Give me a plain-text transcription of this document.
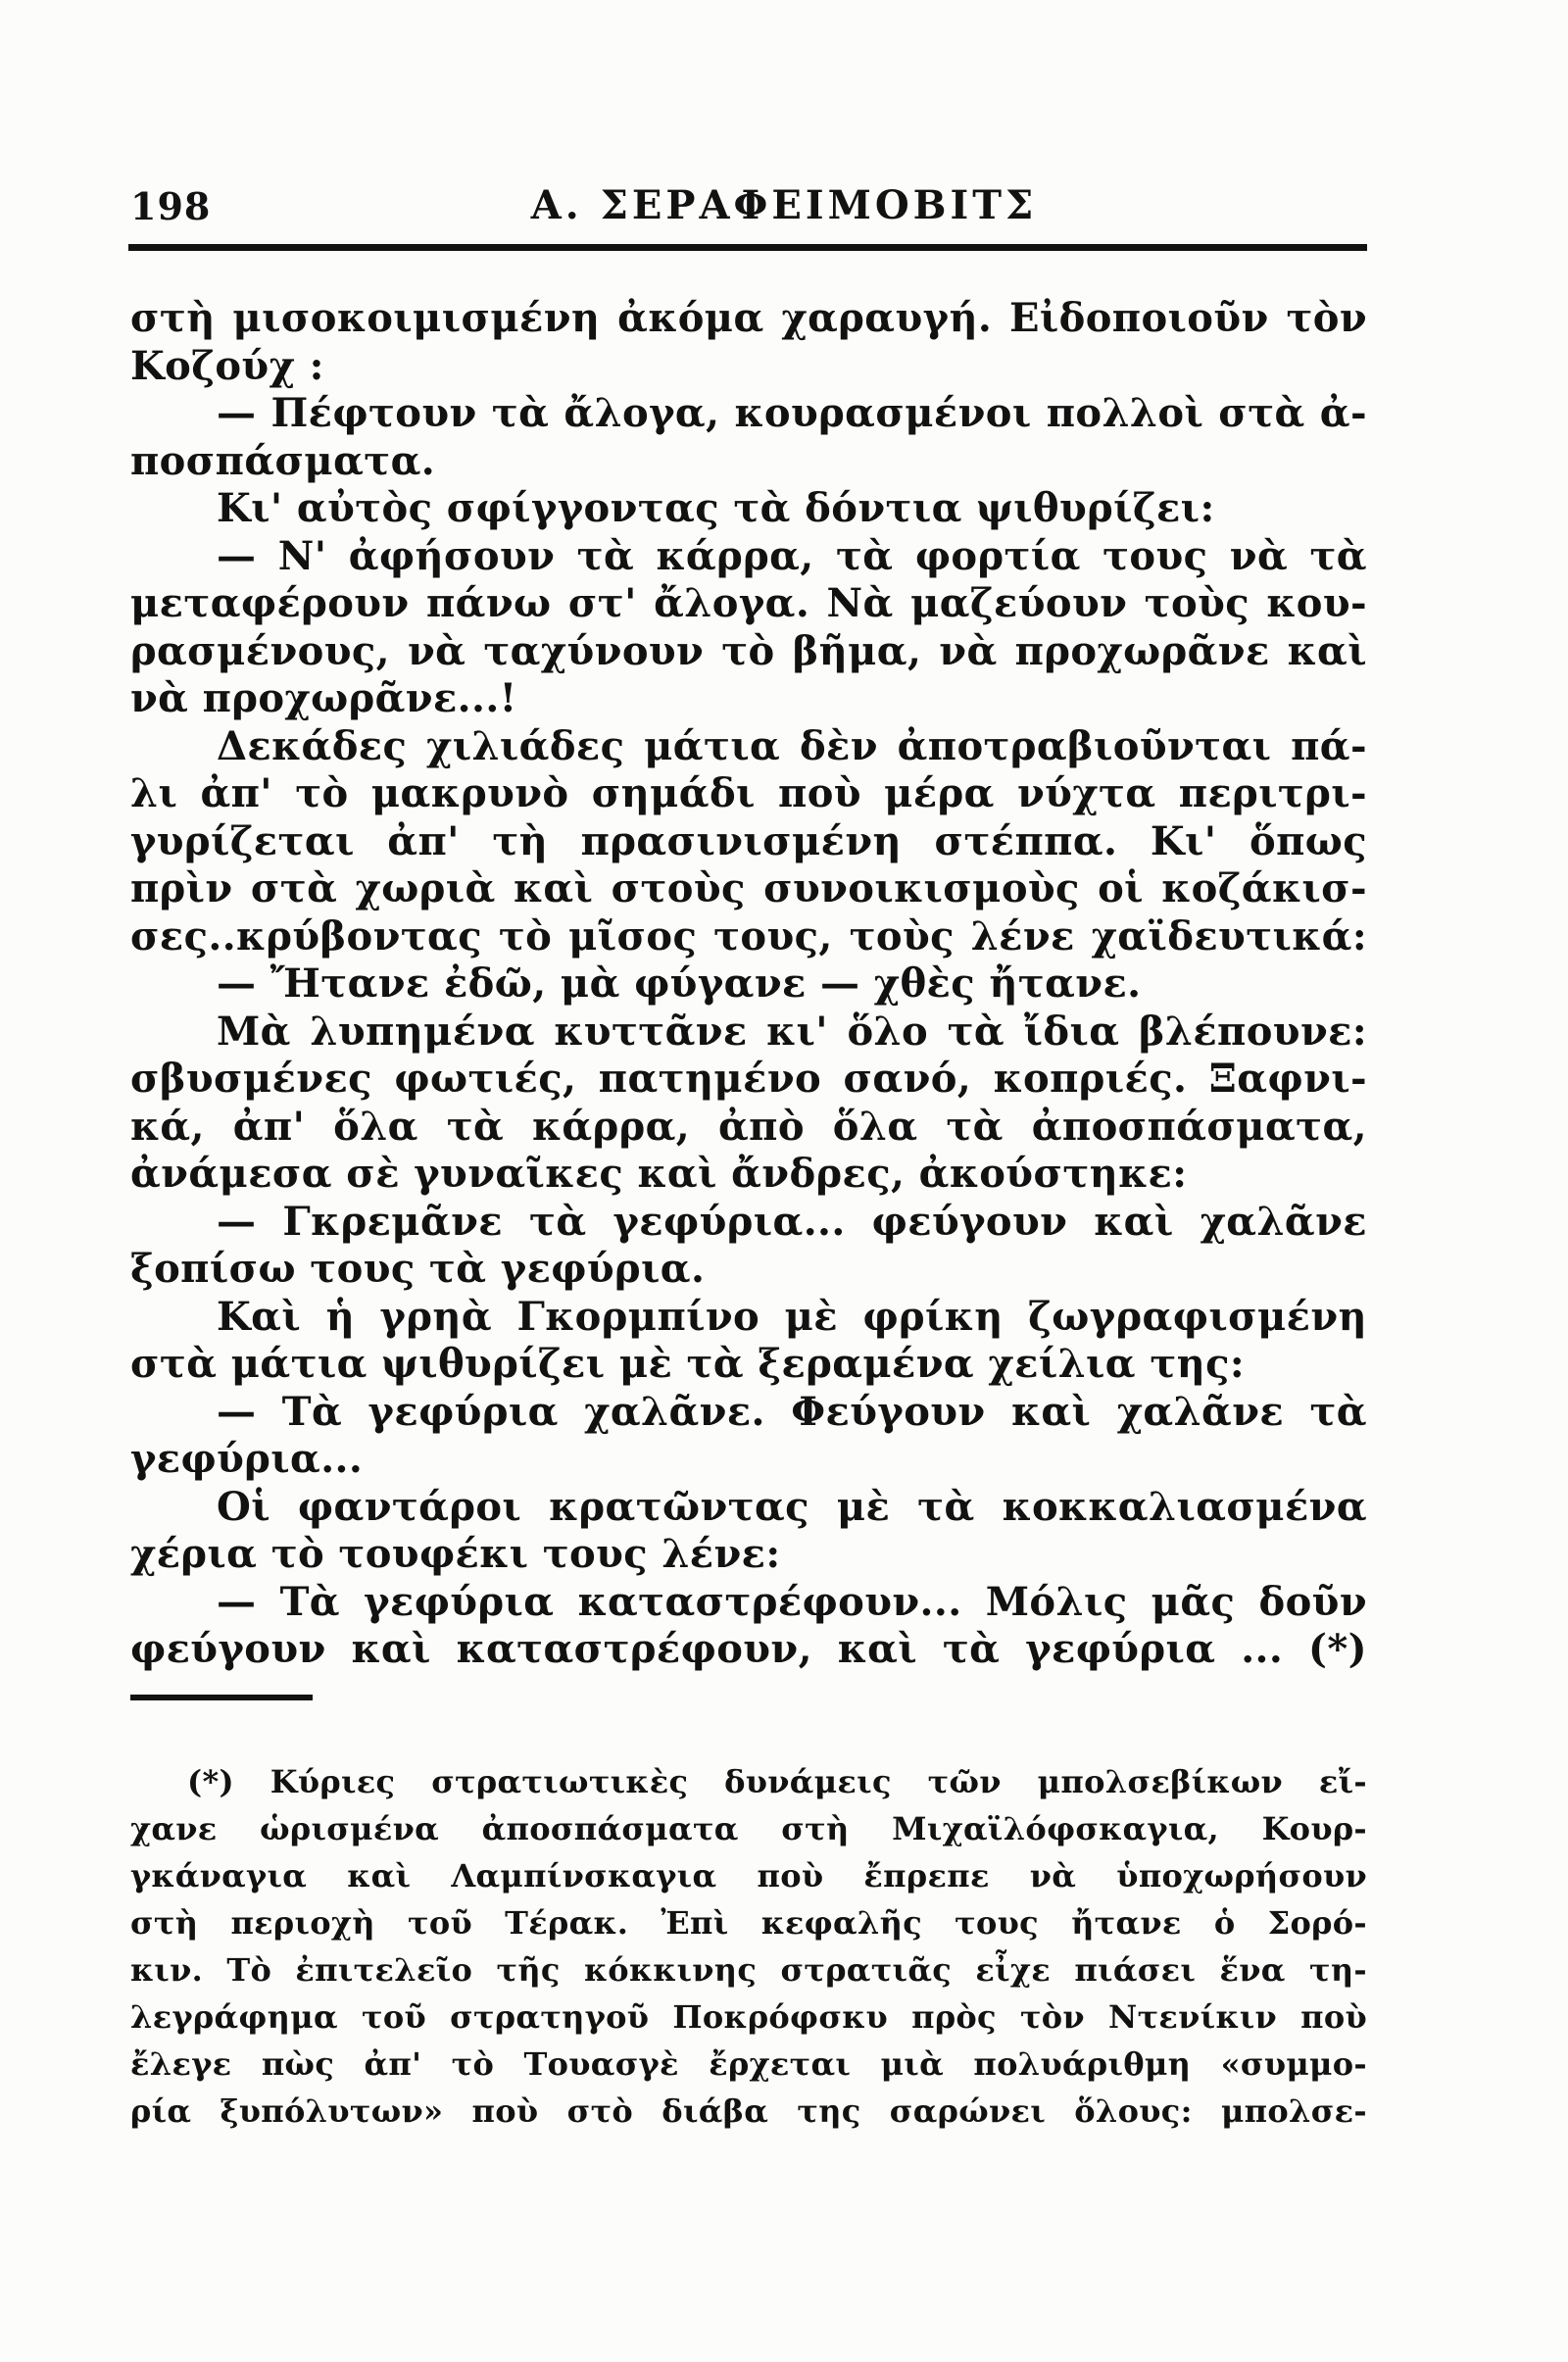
198	Α. ΣΕΡΑΦΕΙΜΟΒΙΤΣ
στὴ μισοκοιμισμένη ἀκόμα χαραυγή. Εἰδοποιοῦν τὸν
Κοζούχ :
— Πέφτουν τὰ ἄλογα, κουρασμένοι πολλοὶ στὰ ἀ-
ποσπάσματα.
Κι' αὐτὸς σφίγγοντας τὰ δόντια ψιθυρίζει:
— Ν' ἀφήσουν τὰ κάρρα, τὰ φορτία τους νὰ τὰ
μεταφέρουν πάνω στ' ἄλογα. Νὰ μαζεύουν τοὺς κου-
ρασμένους, νὰ ταχύνουν τὸ βῆμα, νὰ προχωρᾶνε καὶ
νὰ προχωρᾶνε...!
Δεκάδες χιλιάδες μάτια δὲν ἀποτραβιοῦνται πά-
λι ἀπ' τὸ μακρυνὸ σημάδι ποὺ μέρα νύχτα περιτρι-
γυρίζεται ἀπ' τὴ πρασινισμένη στέππα. Κι' ὅπως
πρὶν στὰ χωριὰ καὶ στοὺς συνοικισμοὺς οἱ κοζάκισ-
σες..κρύβοντας τὸ μῖσος τους, τοὺς λένε χαϊδευτικά:
— Ἤτανε ἐδῶ, μὰ φύγανε — χθὲς ἤτανε.
Μὰ λυπημένα κυττᾶνε κι' ὅλο τὰ ἴδια βλέπουνε:
σβυσμένες φωτιές, πατημένο σανό, κοπριές. Ξαφνι-
κά, ἀπ' ὅλα τὰ κάρρα, ἀπὸ ὅλα τὰ ἀποσπάσματα,
ἀνάμεσα σὲ γυναῖκες καὶ ἄνδρες, ἀκούστηκε:
— Γκρεμᾶνε τὰ γεφύρια... φεύγουν καὶ χαλᾶνε
ξοπίσω τους τὰ γεφύρια.
Καὶ ἡ γρηὰ Γκορμπίνο μὲ φρίκη ζωγραφισμένη
στὰ μάτια ψιθυρίζει μὲ τὰ ξεραμένα χείλια της:
— Τὰ γεφύρια χαλᾶνε. Φεύγουν καὶ χαλᾶνε τὰ
γεφύρια...
Οἱ φαντάροι κρατῶντας μὲ τὰ κοκκαλιασμένα
χέρια τὸ τουφέκι τους λένε:
— Τὰ γεφύρια καταστρέφουν... Μόλις μᾶς δοῦν
φεύγουν καὶ καταστρέφουν, καὶ τὰ γεφύρια ... (*)
(*) Κύριες στρατιωτικὲς δυνάμεις τῶν μπολσεβίκων εἴ-
χανε ὡρισμένα ἀποσπάσματα στὴ Μιχαϊλόφσκαγια, Κουρ-
γκάναγια καὶ Λαμπίνσκαγια ποὺ ἔπρεπε νὰ ὑποχωρήσουν
στὴ περιοχὴ τοῦ Τέρακ. Ἐπὶ κεφαλῆς τους ἤτανε ὁ Σορό-
κιν. Τὸ ἐπιτελεῖο τῆς κόκκινης στρατιᾶς εἶχε πιάσει ἕνα τη-
λεγράφημα τοῦ στρατηγοῦ Ποκρόφσκυ πρὸς τὸν Ντενίκιν ποὺ
ἔλεγε πὼς ἀπ' τὸ Τουασγὲ ἔρχεται μιὰ πολυάριθμη «συμμο-
ρία ξυπόλυτων» ποὺ στὸ διάβα της σαρώνει ὅλους: μπολσε-
